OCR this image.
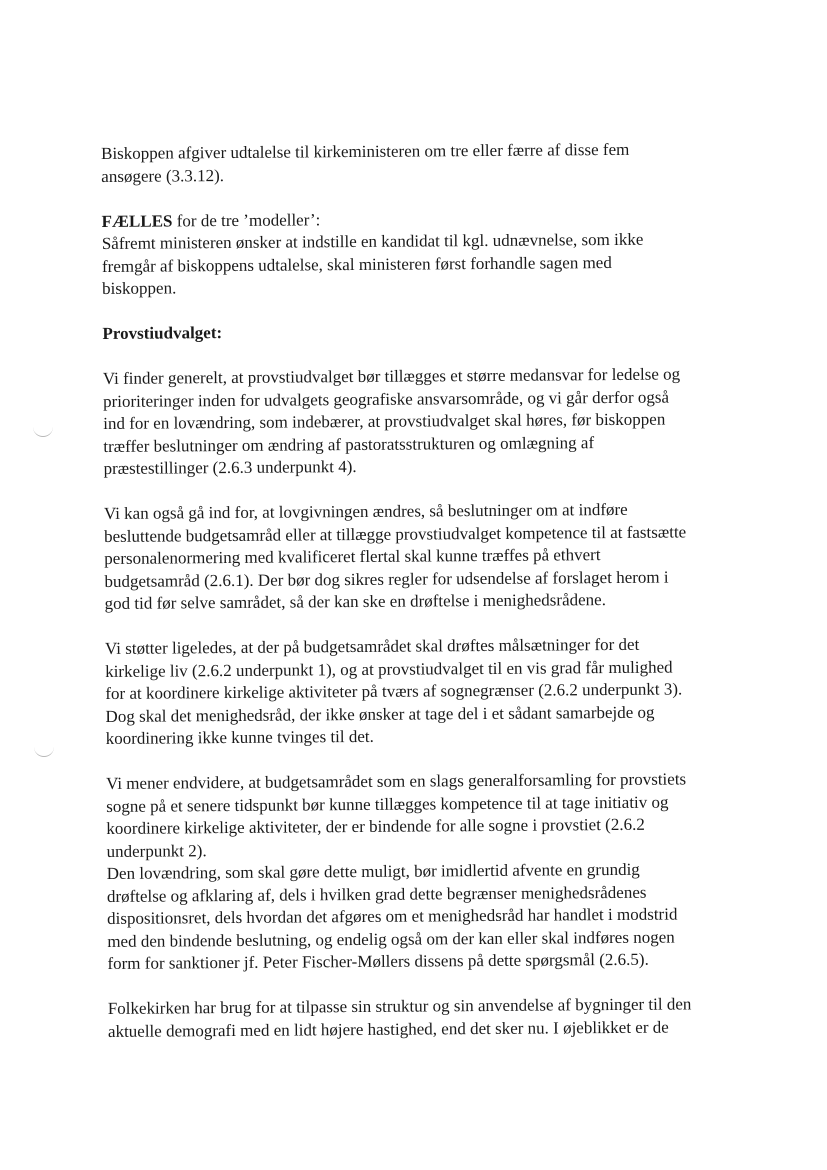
Biskoppen afgiver udtalelse til kirkeministeren om tre eller færre af disse fem
ansøgere (3.3.12).

FÆLLES for de tre ’modeller’:
Såfremt ministeren ønsker at indstille en kandidat til kgl. udnævnelse, som ikke
fremgår af biskoppens udtalelse, skal ministeren først forhandle sagen med
biskoppen.

Provstiudvalget:

Vi finder generelt, at provstiudvalget bør tillægges et større medansvar for ledelse og
prioriteringer inden for udvalgets geografiske ansvarsområde, og vi går derfor også
ind for en lovændring, som indebærer, at provstiudvalget skal høres, før biskoppen
træffer beslutninger om ændring af pastoratsstrukturen og omlægning af
præstestillinger (2.6.3 underpunkt 4).

Vi kan også gå ind for, at lovgivningen ændres, så beslutninger om at indføre
besluttende budgetsamråd eller at tillægge provstiudvalget kompetence til at fastsætte
personalenormering med kvalificeret flertal skal kunne træffes på ethvert
budgetsamråd (2.6.1). Der bør dog sikres regler for udsendelse af forslaget herom i
god tid før selve samrådet, så der kan ske en drøftelse i menighedsrådene.

Vi støtter ligeledes, at der på budgetsamrådet skal drøftes målsætninger for det
kirkelige liv (2.6.2 underpunkt 1), og at provstiudvalget til en vis grad får mulighed
for at koordinere kirkelige aktiviteter på tværs af sognegrænser (2.6.2 underpunkt 3).
Dog skal det menighedsråd, der ikke ønsker at tage del i et sådant samarbejde og
koordinering ikke kunne tvinges til det.

Vi mener endvidere, at budgetsamrådet som en slags generalforsamling for provstiets
sogne på et senere tidspunkt bør kunne tillægges kompetence til at tage initiativ og
koordinere kirkelige aktiviteter, der er bindende for alle sogne i provstiet (2.6.2
underpunkt 2).

Den lovændring, som skal gøre dette muligt, bør imidlertid afvente en grundig
drøftelse og afklaring af, dels i hvilken grad dette begrænser menighedsrådenes
dispositionsret, dels hvordan det afgøres om et menighedsråd har handlet i modstrid
med den bindende beslutning, og endelig også om der kan eller skal indføres nogen
form for sanktioner jf. Peter Fischer-Møllers dissens på dette spørgsmål (2.6.5).

Folkekirken har brug for at tilpasse sin struktur og sin anvendelse af bygninger til den
aktuelle demografi med en lidt højere hastighed, end det sker nu. I øjeblikket er de
